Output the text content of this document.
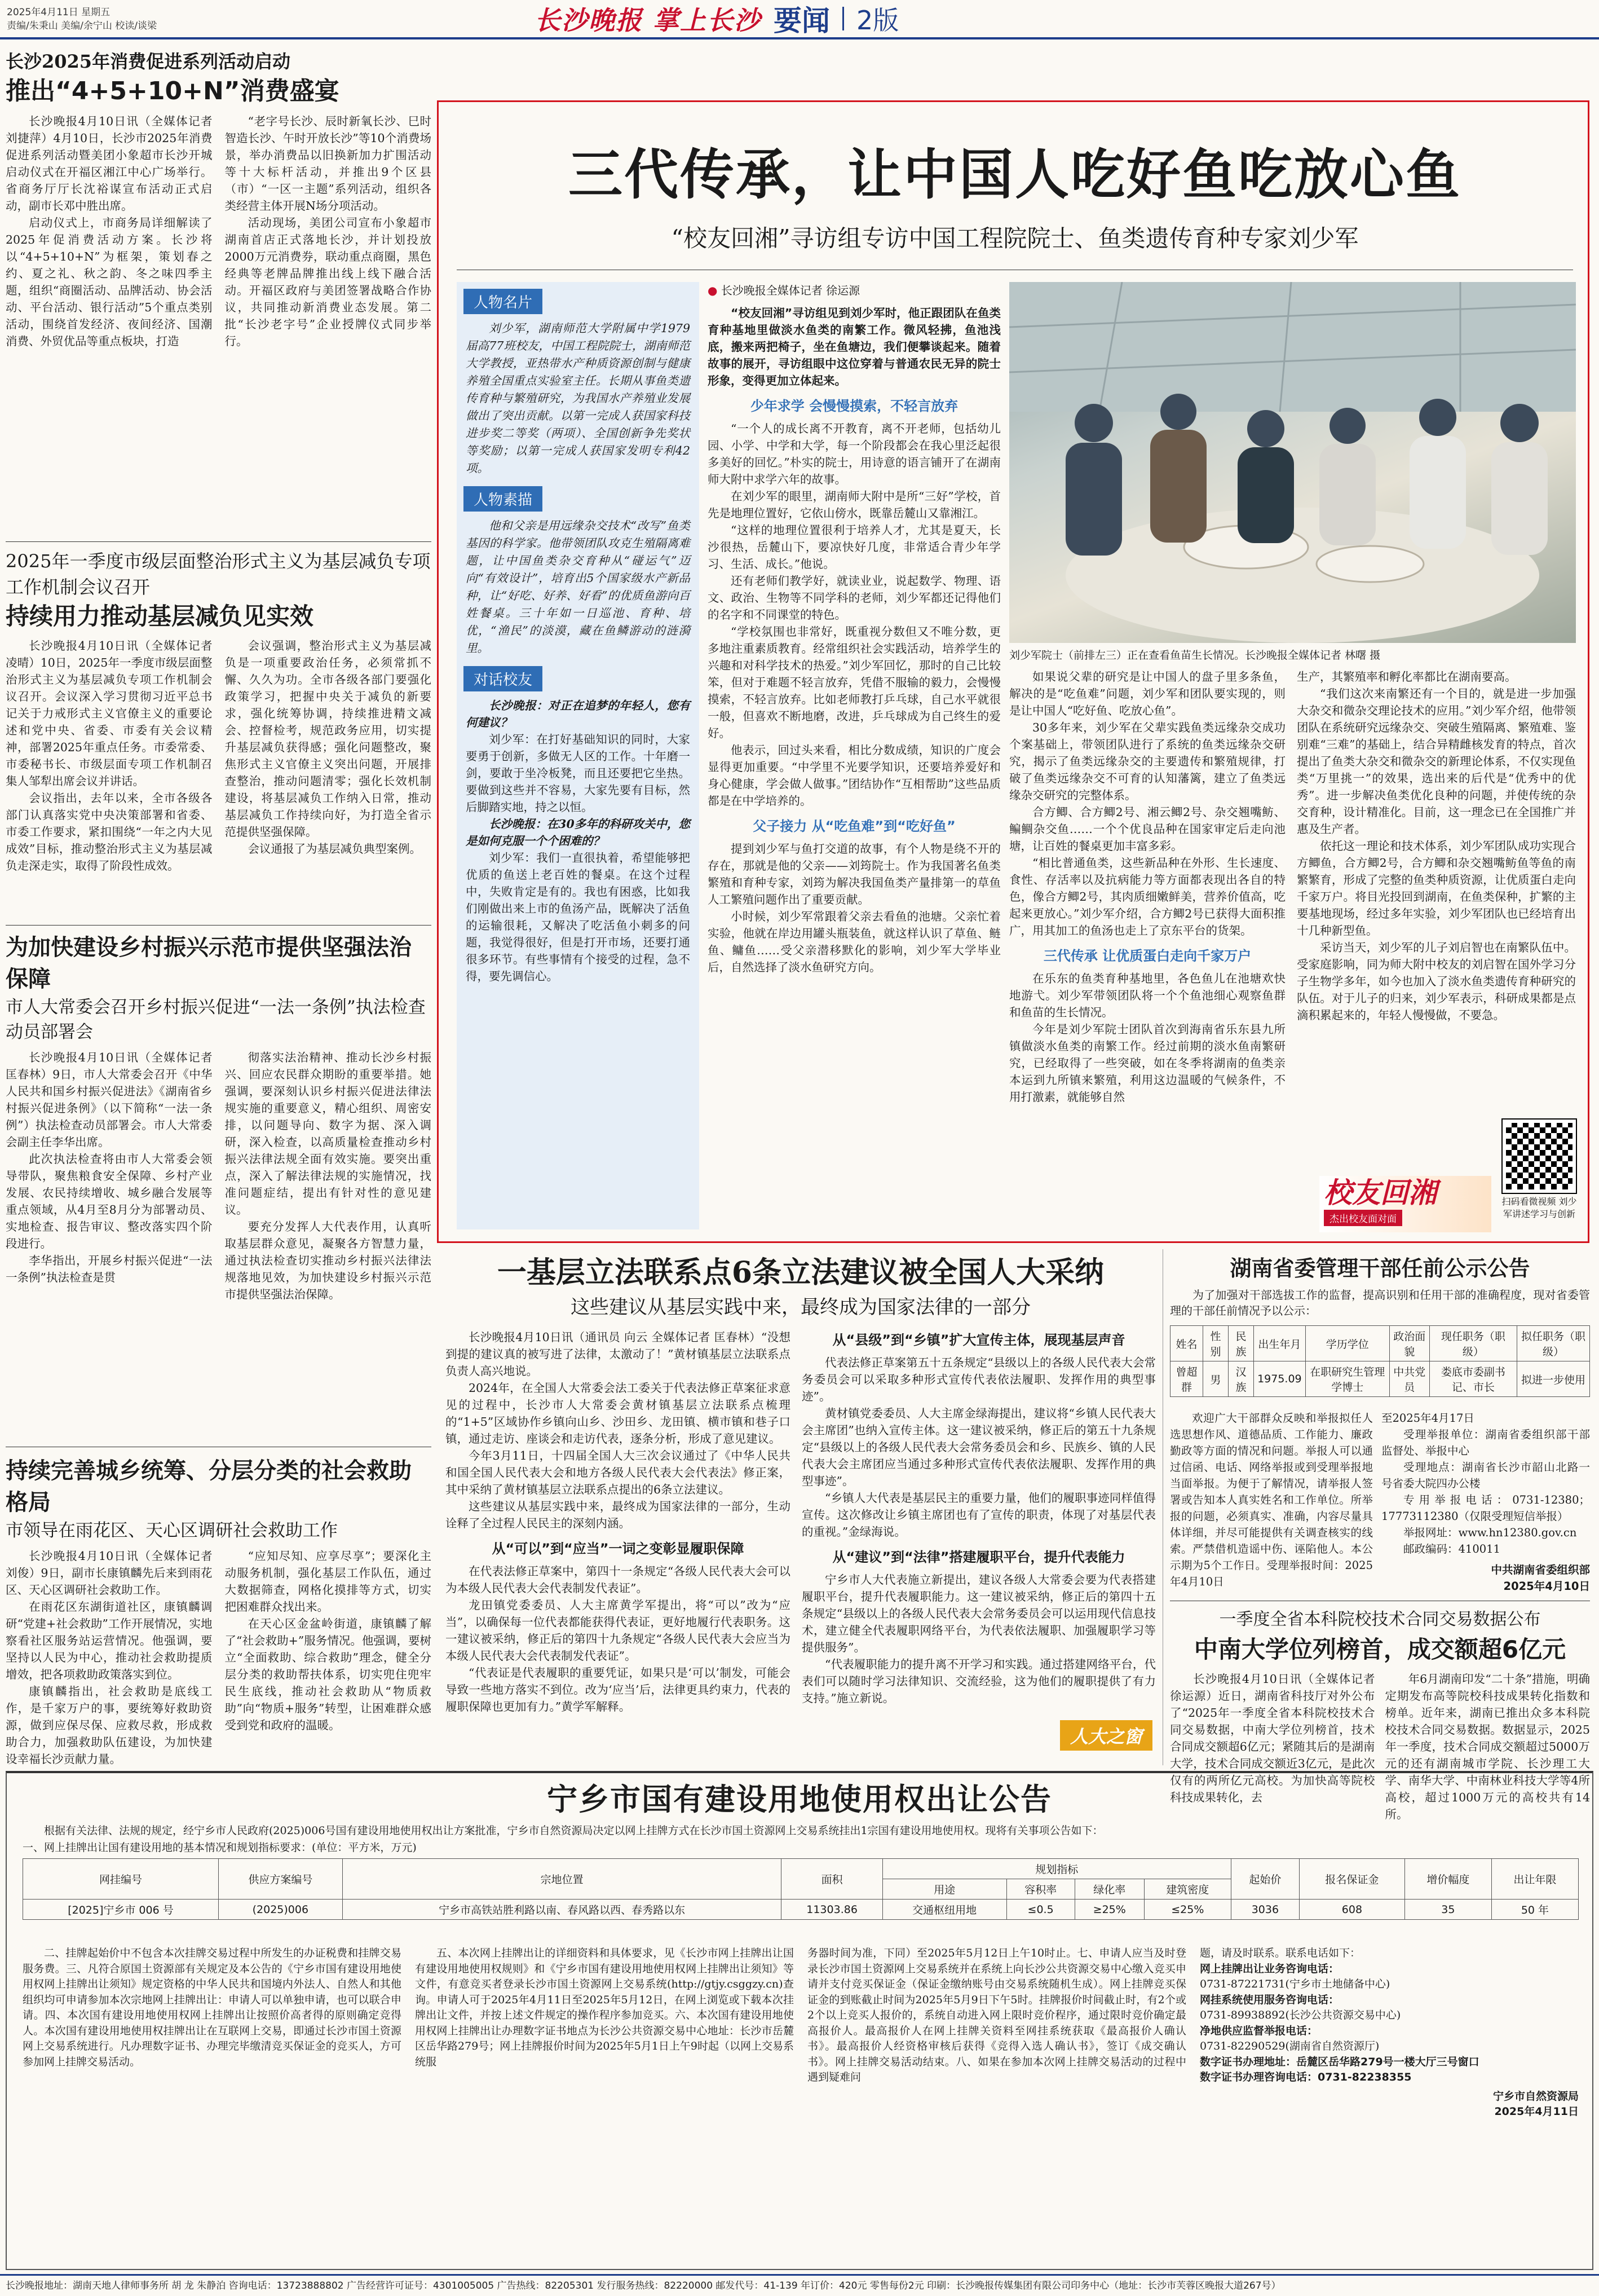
2025年4月11日 星期五
责编/朱秉山 美编/余宁山 校读/谈梁	长沙晚报 掌上长沙 要闻 2版
长沙2025年消费促进系列活动启动
推出“4+5+10+N”消费盛宴

长沙晚报4月10日讯（全媒体记者 刘捷萍）4月10日，长沙市2025年消费促进系列活动暨美团小象超市长沙开城启动仪式在开福区湘江中心广场举行。省商务厅厅长沈裕谋宣布活动正式启动，副市长邓中胜出席。

启动仪式上，市商务局详细解读了2025年促消费活动方案。长沙将以“4+5+10+N”为框架，策划春之约、夏之礼、秋之韵、冬之味四季主题，组织“商圈活动、品牌活动、协会活动、平台活动、银行活动”5个重点类别活动，围绕首发经济、夜间经济、国潮消费、外贸优品等重点板块，打造

“老字号长沙、辰时新氧长沙、巳时智造长沙、午时开放长沙”等10个消费场景，举办消费品以旧换新加力扩围活动等十大标杆活动，并推出9个区县（市）“一区一主题”系列活动，组织各类经营主体开展N场分项活动。

活动现场，美团公司宣布小象超市湖南首店正式落地长沙，并计划投放2000万元消费券，联动重点商圈，黑色经典等老牌品牌推出线上线下融合活动。开福区政府与美团签署战略合作协议，共同推动新消费业态发展。第二批“长沙老字号”企业授牌仪式同步举行。

2025年一季度市级层面整治形式主义为基层减负专项工作机制会议召开
持续用力推动基层减负见实效

长沙晚报4月10日讯（全媒体记者 凌晴）10日，2025年一季度市级层面整治形式主义为基层减负专项工作机制会议召开。会议深入学习贯彻习近平总书记关于力戒形式主义官僚主义的重要论述和党中央、省委、市委有关会议精神，部署2025年重点任务。市委常委、市委秘书长、市级层面专项工作机制召集人邹犁出席会议并讲话。

会议指出，去年以来，全市各级各部门认真落实党中央决策部署和省委、市委工作要求，紧扣围绕“一年之内大见成效”目标，推动整治形式主义为基层减负走深走实，取得了阶段性成效。

会议强调，整治形式主义为基层减负是一项重要政治任务，必须常抓不懈、久久为功。全市各级各部门要强化政策学习，把握中央关于减负的新要求，强化统筹协调，持续推进精文减会、控督检考，规范政务应用，切实提升基层减负获得感；强化问题整改，聚焦形式主义官僚主义突出问题，开展排查整治，推动问题清零；强化长效机制建设，将基层减负工作纳入日常，推动基层减负工作持续向好，为打造全省示范提供坚强保障。

会议通报了为基层减负典型案例。

为加快建设乡村振兴示范市提供坚强法治保障
市人大常委会召开乡村振兴促进“一法一条例”执法检查动员部署会

长沙晚报4月10日讯（全媒体记者 匡春林）9日，市人大常委会召开《中华人民共和国乡村振兴促进法》《湖南省乡村振兴促进条例》（以下简称“一法一条例”）执法检查动员部署会。市人大常委会副主任李华出席。

此次执法检查将由市人大常委会领导带队，聚焦粮食安全保障、乡村产业发展、农民持续增收、城乡融合发展等重点领域，从4月至8月分为部署动员、实地检查、报告审议、整改落实四个阶段进行。

李华指出，开展乡村振兴促进“一法一条例”执法检查是贯

彻落实法治精神、推动长沙乡村振兴、回应农民群众期盼的重要举措。她强调，要深刻认识乡村振兴促进法律法规实施的重要意义，精心组织、周密安排，以问题导向、数字为据、深入调研，深入检查，以高质量检查推动乡村振兴法律法规全面有效实施。要突出重点，深入了解法律法规的实施情况，找准问题症结，提出有针对性的意见建议。

要充分发挥人大代表作用，认真听取基层群众意见，凝聚各方智慧力量，通过执法检查切实推动乡村振兴法律法规落地见效，为加快建设乡村振兴示范市提供坚强法治保障。

持续完善城乡统筹、分层分类的社会救助格局
市领导在雨花区、天心区调研社会救助工作

长沙晚报4月10日讯（全媒体记者 刘俊）9日，副市长康镇麟先后来到雨花区、天心区调研社会救助工作。

在雨花区东湖街道社区，康镇麟调研“党建+社会救助”工作开展情况，实地察看社区服务站运营情况。他强调，要坚持以人民为中心，推动社会救助提质增效，把各项救助政策落实到位。

康镇麟指出，社会救助是底线工作，是千家万户的事，要统筹好救助资源，做到应保尽保、应救尽救，形成救助合力，加强救助队伍建设，为加快建设幸福长沙贡献力量。

“应知尽知、应享尽享”；要深化主动服务机制，强化基层工作队伍，通过大数据筛查，网格化摸排等方式，切实把困难群众找出来。

在天心区金盆岭街道，康镇麟了解了“社会救助+”服务情况。他强调，要树立“全面救助、综合救助”理念，健全分层分类的救助帮扶体系，切实兜住兜牢民生底线，推动社会救助从“物质救助”向“物质+服务”转型，让困难群众感受到党和政府的温暖。

三代传承，让中国人吃好鱼吃放心鱼
“校友回湘”寻访组专访中国工程院院士、鱼类遗传育种专家刘少军
人物名片
刘少军，湖南师范大学附属中学1979届高77班校友，中国工程院院士，湖南师范大学教授，亚热带水产种质资源创制与健康养殖全国重点实验室主任。长期从事鱼类遗传育种与繁殖研究，为我国水产养殖业发展做出了突出贡献。以第一完成人获国家科技进步奖二等奖（两项）、全国创新争先奖状等奖励；以第一完成人获国家发明专利42项。
人物素描
他和父亲是用远缘杂交技术“改写”鱼类基因的科学家。他带领团队攻克生殖隔离难题，让中国鱼类杂交育种从“碰运气”迈向“有效设计”，培育出5个国家级水产新品种，让“好吃、好养、好看”的优质鱼游向百姓餐桌。三十年如一日巡池、育种、培优，“渔民”的淡漠，藏在鱼鳞游动的涟漪里。
对话校友

长沙晚报：对正在追梦的年轻人，您有何建议？

刘少军：在打好基础知识的同时，大家要勇于创新，多做无人区的工作。十年磨一剑，要敢于坐冷板凳，而且还要把它坐热。要做到这些并不容易，大家先要有目标，然后脚踏实地，持之以恒。

长沙晚报：在30多年的科研攻关中，您是如何克服一个个困难的？

刘少军：我们一直很执着，希望能够把优质的鱼送上老百姓的餐桌。在这个过程中，失败肯定是有的。我也有困惑，比如我们刚做出来上市的鱼汤产品，既解决了活鱼的运输很耗，又解决了吃活鱼小刺多的问题，我觉得很好，但是打开市场，还要打通很多环节。有些事情有个接受的过程，急不得，要先调信心。

● 长沙晚报全媒体记者 徐运源

“校友回湘”寻访组见到刘少军时，他正跟团队在鱼类育种基地里做淡水鱼类的南繁工作。微风轻拂，鱼池浅底，搬来两把椅子，坐在鱼塘边，我们便攀谈起来。随着故事的展开，寻访组眼中这位穿着与普通农民无异的院士形象，变得更加立体起来。

少年求学 会慢慢摸索，不轻言放弃

“一个人的成长离不开教育，离不开老师，包括幼儿园、小学、中学和大学，每一个阶段都会在我心里泛起很多美好的回忆。”朴实的院士，用诗意的语言铺开了在湖南师大附中求学六年的故事。

在刘少军的眼里，湖南师大附中是所“三好”学校，首先是地理位置好，它依山傍水，既靠岳麓山又靠湘江。

“这样的地理位置很利于培养人才，尤其是夏天，长沙很热，岳麓山下，要凉快好几度，非常适合青少年学习、生活、成长。”他说。

还有老师们教学好，就读业业，说起数学、物理、语文、政治、生物等不同学科的老师，刘少军都还记得他们的名字和不同课堂的特色。

“学校氛围也非常好，既重视分数但又不唯分数，更多地注重素质教育。经常组织社会实践活动，培养学生的兴趣和对科学技术的热爱。”刘少军回忆，那时的自己比较笨，但对于难题不轻言放弃，凭借不服输的毅力，会慢慢摸索，不轻言放弃。比如老师教打乒乓球，自己水平就很一般，但喜欢不断地磨，改进，乒乓球成为自己终生的爱好。

他表示，回过头来看，相比分数成绩，知识的广度会显得更加重要。“中学里不光要学知识，还要培养爱好和身心健康，学会做人做事。”团结协作“互相帮助”这些品质都是在中学培养的。

父子接力 从“吃鱼难”到“吃好鱼”

提到刘少军与鱼打交道的故事，有个人物是绕不开的存在，那就是他的父亲——刘筠院士。作为我国著名鱼类繁殖和育种专家，刘筠为解决我国鱼类产量排第一的草鱼人工繁殖问题作出了重要贡献。

小时候，刘少军常跟着父亲去看鱼的池塘。父亲忙着实验，他就在岸边用罐头瓶装鱼，就这样认识了草鱼、鲢鱼、鳙鱼……受父亲潜移默化的影响，刘少军大学毕业后，自然选择了淡水鱼研究方向。

刘少军院士（前排左三）正在查看鱼苗生长情况。长沙晚报全媒体记者 林曙 摄

如果说父辈的研究是让中国人的盘子里多条鱼，解决的是“吃鱼难”问题，刘少军和团队要实现的，则是让中国人“吃好鱼、吃放心鱼”。

30多年来，刘少军在父辈实践鱼类远缘杂交成功个案基础上，带领团队进行了系统的鱼类远缘杂交研究，揭示了鱼类远缘杂交的主要遗传和繁殖规律，打破了鱼类远缘杂交不可育的认知藩篱，建立了鱼类远缘杂交研究的完整体系。

合方鲫、合方鲫2号、湘云鲫2号、杂交翘嘴鲂、鳊鲷杂交鱼……一个个优良品种在国家审定后走向池塘，让百姓的餐桌更加丰富多彩。

“相比普通鱼类，这些新品种在外形、生长速度、食性、存活率以及抗病能力等方面都表现出各自的特色，像合方鲫2号，其肉质细嫩鲜美，营养价值高，吃起来更放心。”刘少军介绍，合方鲫2号已获得大面积推广，用其加工的鱼汤也走上了京东平台的货架。

三代传承 让优质蛋白走向千家万户

在乐东的鱼类育种基地里，各色鱼儿在池塘欢快地游弋。刘少军带领团队将一个个鱼池细心观察鱼群和鱼苗的生长情况。

今年是刘少军院士团队首次到海南省乐东县九所镇做淡水鱼类的南繁工作。经过前期的淡水鱼南繁研究，已经取得了一些突破，如在冬季将湖南的鱼类亲本运到九所镇来繁殖，利用这边温暖的气候条件，不用打激素，就能够自然

生产，其繁殖率和孵化率都比在湖南要高。

“我们这次来南繁还有一个目的，就是进一步加强大杂交和微杂交理论技术的应用。”刘少军介绍，他带领团队在系统研究远缘杂交、突破生殖隔离、繁殖难、鉴别难“三难”的基础上，结合异精雌核发育的特点，首次提出了鱼类大杂交和微杂交的新理论体系，不仅实现鱼类“万里挑一”的效果，选出来的后代是“优秀中的优秀”。进一步解决鱼类优化良种的问题，并使传统的杂交育种，设计精准化。目前，这一理念已在全国推广并惠及生产者。

依托这一理论和技术体系，刘少军团队成功实现合方鲫鱼，合方鲫2号，合方鲫和杂交翘嘴鲂鱼等鱼的南繁繁育，形成了完整的鱼类种质资源，让优质蛋白走向千家万户。将目光投回到湖南，在鱼类保种，扩繁的主要基地现场，经过多年实验，刘少军团队也已经培育出十几种新型鱼。

采访当天，刘少军的儿子刘启智也在南繁队伍中。受家庭影响，同为师大附中校友的刘启智在国外学习分子生物学多年，如今也加入了淡水鱼类遗传育种研究的队伍。对于儿子的归来，刘少军表示，科研成果都是点滴积累起来的，年轻人慢慢做，不要急。

校友回湘
杰出校友面对面
扫码看微视频 刘少军讲述学习与创新
一基层立法联系点6条立法建议被全国人大采纳
这些建议从基层实践中来，最终成为国家法律的一部分

长沙晚报4月10日讯（通讯员 向云 全媒体记者 匡春林）“没想到提的建议真的被写进了法律，太激动了！”黄材镇基层立法联系点负责人高兴地说。

2024年，在全国人大常委会法工委关于代表法修正草案征求意见的过程中，长沙市人大常委会黄材镇基层立法联系点梳理的“1+5”区域协作乡镇向山乡、沙田乡、龙田镇、横市镇和巷子口镇，通过走访、座谈会和走访代表，逐条分析，形成了意见建议。

今年3月11日，十四届全国人大三次会议通过了《中华人民共和国全国人民代表大会和地方各级人民代表大会代表法》修正案，其中采纳了黄材镇基层立法联系点提出的6条立法建议。

这些建议从基层实践中来，最终成为国家法律的一部分，生动诠释了全过程人民民主的深刻内涵。

从“可以”到“应当”一词之变彰显履职保障

在代表法修正草案中，第四十一条规定“各级人民代表大会可以为本级人民代表大会代表制发代表证”。

龙田镇党委委员、人大主席黄学军提出，将“可以”改为“应当”，以确保每一位代表都能获得代表证，更好地履行代表职务。这一建议被采纳，修正后的第四十九条规定“各级人民代表大会应当为本级人民代表大会代表制发代表证”。

“代表证是代表履职的重要凭证，如果只是‘可以’制发，可能会导致一些地方落实不到位。改为‘应当’后，法律更具约束力，代表的履职保障也更加有力。”黄学军解释。

从“县级”到“乡镇”扩大宣传主体，展现基层声音

代表法修正草案第五十五条规定“县级以上的各级人民代表大会常务委员会可以采取多种形式宣传代表依法履职、发挥作用的典型事迹”。

黄材镇党委委员、人大主席金绿海提出，建议将“乡镇人民代表大会主席团”也纳入宣传主体。这一建议被采纳，修正后的第五十九条规定“县级以上的各级人民代表大会常务委员会和乡、民族乡、镇的人民代表大会主席团应当通过多种形式宣传代表依法履职、发挥作用的典型事迹”。

“乡镇人大代表是基层民主的重要力量，他们的履职事迹同样值得宣传。这次修改让乡镇主席团也有了宣传的职责，体现了对基层代表的重视。”金绿海说。

从“建议”到“法律”搭建履职平台，提升代表能力

宁乡市人大代表施立新提出，建议各级人大常委会要为代表搭建履职平台，提升代表履职能力。这一建议被采纳，修正后的第四十五条规定“县级以上的各级人民代表大会常务委员会可以运用现代信息技术，建立健全代表履职网络平台，为代表依法履职、加强履职学习等提供服务”。

“代表履职能力的提升离不开学习和实践。通过搭建网络平台，代表们可以随时学习法律知识、交流经验，这为他们的履职提供了有力支持。”施立新说。

人大之窗
湖南省委管理干部任前公示公告
为了加强对干部选拔工作的监督，提高识别和任用干部的准确程度，现对省委管理的干部任前情况予以公示：
姓名	性别	民族	出生年月	学历学位	政治面貌	现任职务（职级）	拟任职务（职级）
曾超群	男	汉族	1975.09	在职研究生管理学博士	中共党员	娄底市委副书记、市长	拟进一步使用
欢迎广大干部群众反映和举报拟任人选思想作风、道德品质、工作能力、廉政勤政等方面的情况和问题。举报人可以通过信函、电话、网络举报或到受理举报地当面举报。为便于了解情况，请举报人签署或告知本人真实姓名和工作单位。所举报的问题，必须真实、准确，内容尽量具体详细，并尽可能提供有关调查核实的线索。严禁借机造谣中伤、诬陷他人。本公示期为5个工作日。受理举报时间：2025年4月10日

至2025年4月17日

受理举报单位：湖南省委组织部干部监督处、举报中心

受理地点：湖南省长沙市韶山北路一号省委大院四办公楼

专用举报电话：0731-12380；17773112380（仅限受理短信举报）

举报网址：www.hn12380.gov.cn

邮政编码：410011

中共湖南省委组织部

2025年4月10日

一季度全省本科院校技术合同交易数据公布
中南大学位列榜首，成交额超6亿元

长沙晚报4月10日讯（全媒体记者 徐运源）近日，湖南省科技厅对外公布了“2025年一季度全省本科院校技术合同交易数据，中南大学位列榜首，技术合同成交额超6亿元；紧随其后的是湖南大学，技术合同成交额近3亿元，是此次仅有的两所亿元高校。为加快高等院校科技成果转化，去

年6月湖南印发“二十条”措施，明确定期发布高等院校科技成果转化指数和榜单。近年来，湖南已推出众多本科院校技术合同交易数据。数据显示，2025年一季度，技术合同成交额超过5000万元的还有湖南城市学院、长沙理工大学、南华大学、中南林业科技大学等4所高校，超过1000万元的高校共有14所。

宁乡市国有建设用地使用权出让公告
根据有关法律、法规的规定，经宁乡市人民政府(2025)006号国有建设用地使用权出让方案批准，宁乡市自然资源局决定以网上挂牌方式在长沙市国土资源网上交易系统挂出1宗国有建设用地使用权。现将有关事项公告如下：
一、网上挂牌出让国有建设用地的基本情况和规划指标要求：(单位：平方米，万元)
网挂编号	供应方案编号	宗地位置	面积	规划指标				起始价	报名保证金	增价幅度	出让年限
				用途	容积率	绿化率	建筑密度				
[2025]宁乡市 006 号	(2025)006	宁乡市高铁站胜利路以南、春风路以西、春秀路以东	11303.86	交通枢纽用地	≤0.5	≥25%	≤25%	3036	608	35	50 年

二、挂牌起始价中不包含本次挂牌交易过程中所发生的办证税费和挂牌交易服务费。三、凡符合原国土资源部有关规定及本公告的《宁乡市国有建设用地使用权网上挂牌出让须知》规定资格的中华人民共和国境内外法人、自然人和其他组织均可申请参加本次宗地网上挂牌出让：申请人可以单独申请，也可以联合申请。四、本次国有建设用地使用权网上挂牌出让按照价高者得的原则确定竞得人。本次国有建设用地使用权挂牌出让在互联网上交易，即通过长沙市国土资源网上交易系统进行。凡办理数字证书、办理完毕缴清竞买保证金的竞买人，方可参加网上挂牌交易活动。

五、本次网上挂牌出让的详细资料和具体要求，见《长沙市网上挂牌出让国有建设用地使用权规则》和《宁乡市国有建设用地使用权网上挂牌出让须知》等文件，有意竞买者登录长沙市国土资源网上交易系统(http://gtjy.csggzy.cn)查询。申请人可于2025年4月11日至2025年5月12日，在网上浏览或下载本次挂牌出让文件，并按上述文件规定的操作程序参加竞买。六、本次国有建设用地使用权网上挂牌出让办理数字证书地点为长沙公共资源交易中心地址：长沙市岳麓区岳华路279号；网上挂牌报价时间为2025年5月1日上午9时起（以网上交易系统服

务器时间为准，下同）至2025年5月12日上午10时止。七、申请人应当及时登录长沙市国土资源网上交易系统并在系统上向长沙公共资源交易中心缴入竞买申请并支付竞买保证金（保证金缴纳账号由交易系统随机生成）。网上挂牌竞买保证金的到账截止时间为2025年5月9日下午5时。挂牌报价时间截止时，有2个或2个以上竞买人报价的，系统自动进入网上限时竞价程序，通过限时竞价确定最高报价人。最高报价人在网上挂牌关资料至网挂系统获取《最高报价人确认书》。最高报价人经资格审核后获得《竞得入选人确认书》，签订《成交确认书》。网上挂牌交易活动结束。八、如果在参加本次网上挂牌交易活动的过程中遇到疑难问

题，请及时联系。联系电话如下：

网上挂牌出让业务咨询电话：

0731-87221731(宁乡市土地储备中心)

网挂系统使用服务咨询电话：

0731-89938892(长沙公共资源交易中心)

净地供应监督举报电话：

0731-82290529(湖南省自然资源厅)

数字证书办理地址：岳麓区岳华路279号一楼大厅三号窗口

数字证书办理咨询电话：0731-82238355

宁乡市自然资源局

2025年4月11日

长沙晚报地址：湖南天地人律师事务所 胡 龙 朱静泊 咨询电话：13723888802 广告经营许可证号：4301005005 广告热线：82205301 发行服务热线：82220000 邮发代号：41-139 年订价：420元 零售每份2元 印刷：长沙晚报传媒集团有限公司印务中心（地址：长沙市芙蓉区晚报大道267号）
